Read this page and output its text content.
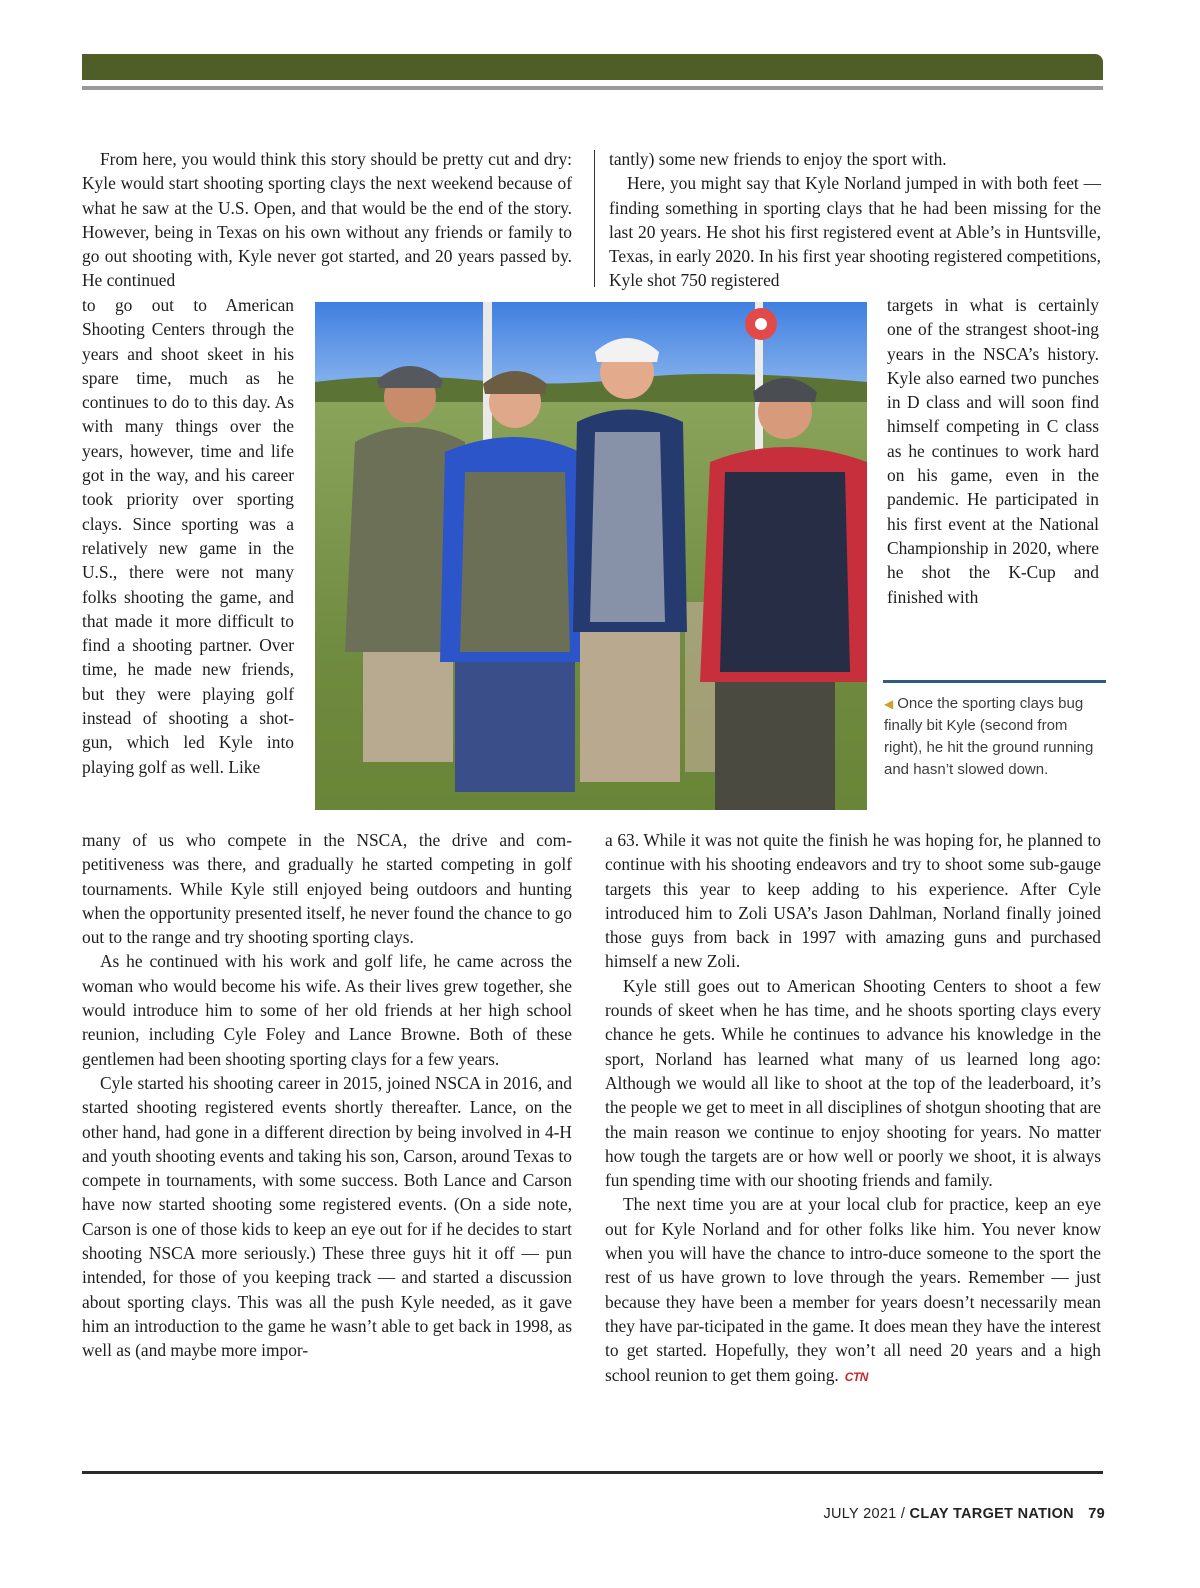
From here, you would think this story should be pretty cut and dry: Kyle would start shooting sporting clays the next weekend because of what he saw at the U.S. Open, and that would be the end of the story. However, being in Texas on his own without any friends or family to go out shooting with, Kyle never got started, and 20 years passed by. He continued

to go out to American Shooting Centers through the years and shoot skeet in his spare time, much as he continues to do to this day. As with many things over the years, however, time and life got in the way, and his career took priority over sporting clays. Since sporting was a relatively new game in the U.S., there were not many folks shooting the game, and that made it more difficult to find a shooting partner. Over time, he made new friends, but they were playing golf instead of shooting a shot-gun, which led Kyle into playing golf as well. Like

tantly) some new friends to enjoy the sport with.

Here, you might say that Kyle Norland jumped in with both feet — finding something in sporting clays that he had been missing for the last 20 years. He shot his first registered event at Able’s in Huntsville, Texas, in early 2020. In his first year shooting registered competitions, Kyle shot 750 registered

targets in what is certainly one of the strangest shoot-ing years in the NSCA’s history. Kyle also earned two punches in D class and will soon find himself competing in C class as he continues to work hard on his game, even in the pandemic. He participated in his first event at the National Championship in 2020, where he shot the K-Cup and finished with

◀ Once the sporting clays bug finally bit Kyle (second from right), he hit the ground running and hasn’t slowed down.

many of us who compete in the NSCA, the drive and com-petitiveness was there, and gradually he started competing in golf tournaments. While Kyle still enjoyed being outdoors and hunting when the opportunity presented itself, he never found the chance to go out to the range and try shooting sporting clays.

As he continued with his work and golf life, he came across the woman who would become his wife. As their lives grew together, she would introduce him to some of her old friends at her high school reunion, including Cyle Foley and Lance Browne. Both of these gentlemen had been shooting sporting clays for a few years.

Cyle started his shooting career in 2015, joined NSCA in 2016, and started shooting registered events shortly thereafter. Lance, on the other hand, had gone in a different direction by being involved in 4-H and youth shooting events and taking his son, Carson, around Texas to compete in tournaments, with some success. Both Lance and Carson have now started shooting some registered events. (On a side note, Carson is one of those kids to keep an eye out for if he decides to start shooting NSCA more seriously.) These three guys hit it off — pun intended, for those of you keeping track — and started a discussion about sporting clays. This was all the push Kyle needed, as it gave him an introduction to the game he wasn’t able to get back in 1998, as well as (and maybe more impor-

a 63. While it was not quite the finish he was hoping for, he planned to continue with his shooting endeavors and try to shoot some sub-gauge targets this year to keep adding to his experience. After Cyle introduced him to Zoli USA’s Jason Dahlman, Norland finally joined those guys from back in 1997 with amazing guns and purchased himself a new Zoli.

Kyle still goes out to American Shooting Centers to shoot a few rounds of skeet when he has time, and he shoots sporting clays every chance he gets. While he continues to advance his knowledge in the sport, Norland has learned what many of us learned long ago: Although we would all like to shoot at the top of the leaderboard, it’s the people we get to meet in all disciplines of shotgun shooting that are the main reason we continue to enjoy shooting for years. No matter how tough the targets are or how well or poorly we shoot, it is always fun spending time with our shooting friends and family.

The next time you are at your local club for practice, keep an eye out for Kyle Norland and for other folks like him. You never know when you will have the chance to intro-duce someone to the sport the rest of us have grown to love through the years. Remember — just because they have been a member for years doesn’t necessarily mean they have par-ticipated in the game. It does mean they have the interest to get started. Hopefully, they won’t all need 20 years and a high school reunion to get them going. CTN

JULY 2021 / CLAY TARGET NATION 79
